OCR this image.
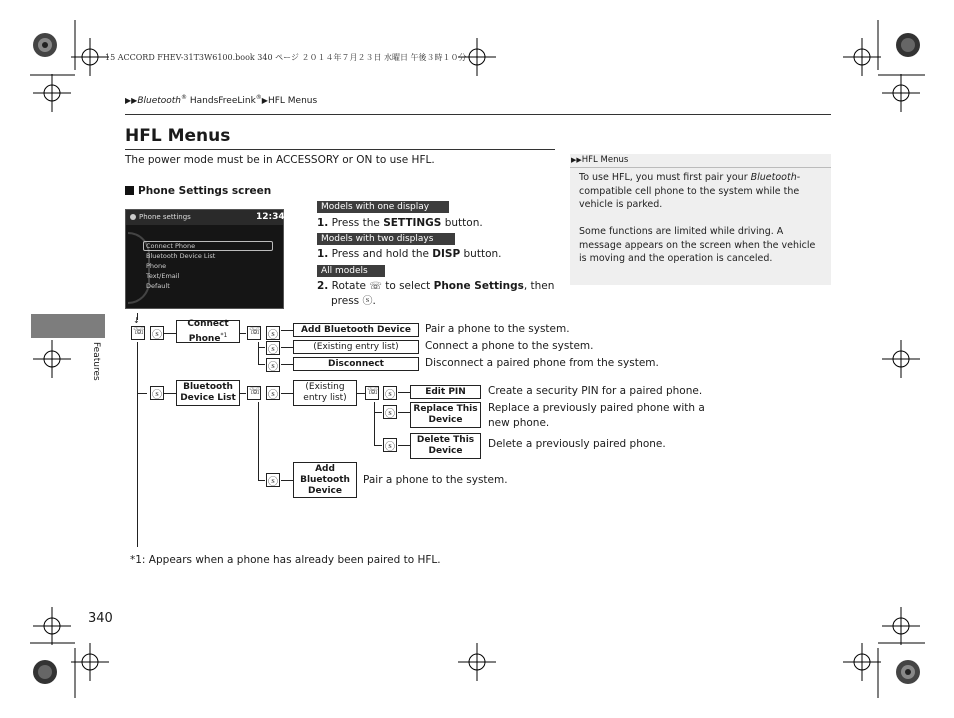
15 ACCORD FHEV-31T3W6100.book 340 ページ ２０１４年７月２３日 水曜日 午後３時１０分
▶▶Bluetooth® HandsFreeLink®▶HFL Menus
HFL Menus
The power mode must be in ACCESSORY or ON to use HFL.
Phone Settings screen
Phone settings	12:34
Connect Phone
Bluetooth Device List
Phone
Text/Email
Default
Models with one display
1. Press the SETTINGS button.
Models with two displays
1. Press and hold the DISP button.
All models
2. Rotate ☏ to select Phone Settings, then
press ⓢ.
▶▶HFL Menus
To use HFL, you must first pair your Bluetooth-compatible cell phone to the system while the vehicle is parked.
Some functions are limited while driving. A message appears on the screen when the vehicle is moving and the operation is canceled.
Features
↓
☏ ⓢ
ⓢ
☏ ⓢ
ⓢ
ⓢ
☏ ⓢ
ⓢ
☏ ⓢ
ⓢ
ⓢ
Connect Phone$^{*1}$
Add Bluetooth Device	Pair a phone to the system.
(Existing entry list)	Connect a phone to the system.
Disconnect	Disconnect a paired phone from the system.
Bluetooth Device List
(Existing entry list)
Edit PIN	Create a security PIN for a paired phone.
Replace This Device
Replace a previously paired phone with a
new phone.
Delete This Device
Delete a previously paired phone.
Add Bluetooth Device
Pair a phone to the system.
*1: Appears when a phone has already been paired to HFL.
340
